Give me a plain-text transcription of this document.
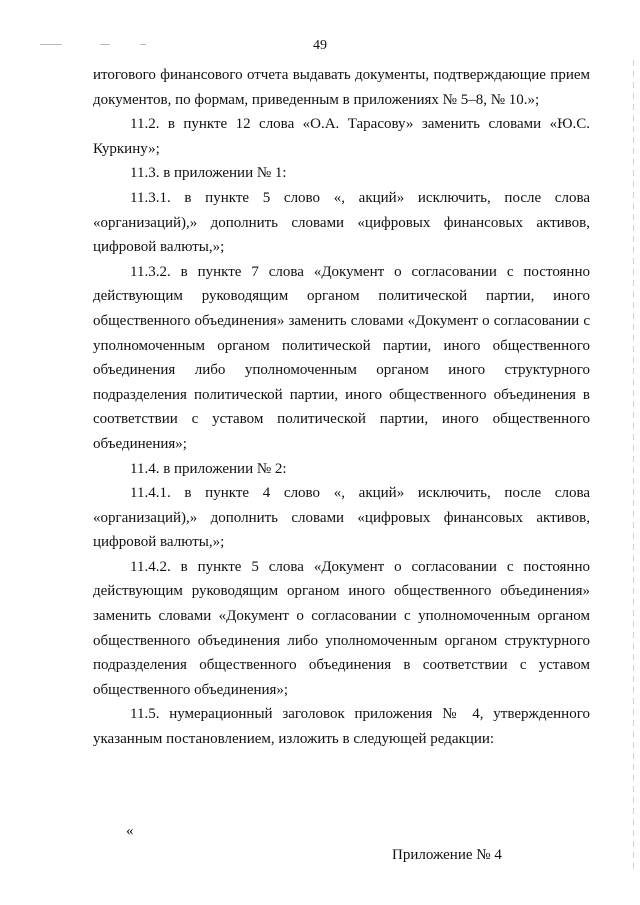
49

итогового финансового отчета выдавать документы, подтверждающие прием документов, по формам, приведенным в приложениях № 5–8, № 10.»;

11.2. в пункте 12 слова «О.А. Тарасову» заменить словами «Ю.С. Куркину»;

11.3. в приложении № 1:

11.3.1. в пункте 5 слово «, акций» исключить, после слова «организаций),» дополнить словами «цифровых финансовых активов, цифровой валюты,»;

11.3.2. в пункте 7 слова «Документ о согласовании с постоянно действующим руководящим органом политической партии, иного общественного объединения» заменить словами «Документ о согласовании с уполномоченным органом политической партии, иного общественного объединения либо уполномоченным органом иного структурного подразделения политической партии, иного общественного объединения в соответствии с уставом политической партии, иного общественного объединения»;

11.4. в приложении № 2:

11.4.1. в пункте 4 слово «, акций» исключить, после слова «организаций),» дополнить словами «цифровых финансовых активов, цифровой валюты,»;

11.4.2. в пункте 5 слова «Документ о согласовании с постоянно действующим руководящим органом иного общественного объединения» заменить словами «Документ о согласовании с уполномоченным органом общественного объединения либо уполномоченным органом структурного подразделения общественного объединения в соответствии с уставом общественного объединения»;

11.5. нумерационный заголовок приложения № 4, утвержденного указанным постановлением, изложить в следующей редакции:

«
Приложение № 4
